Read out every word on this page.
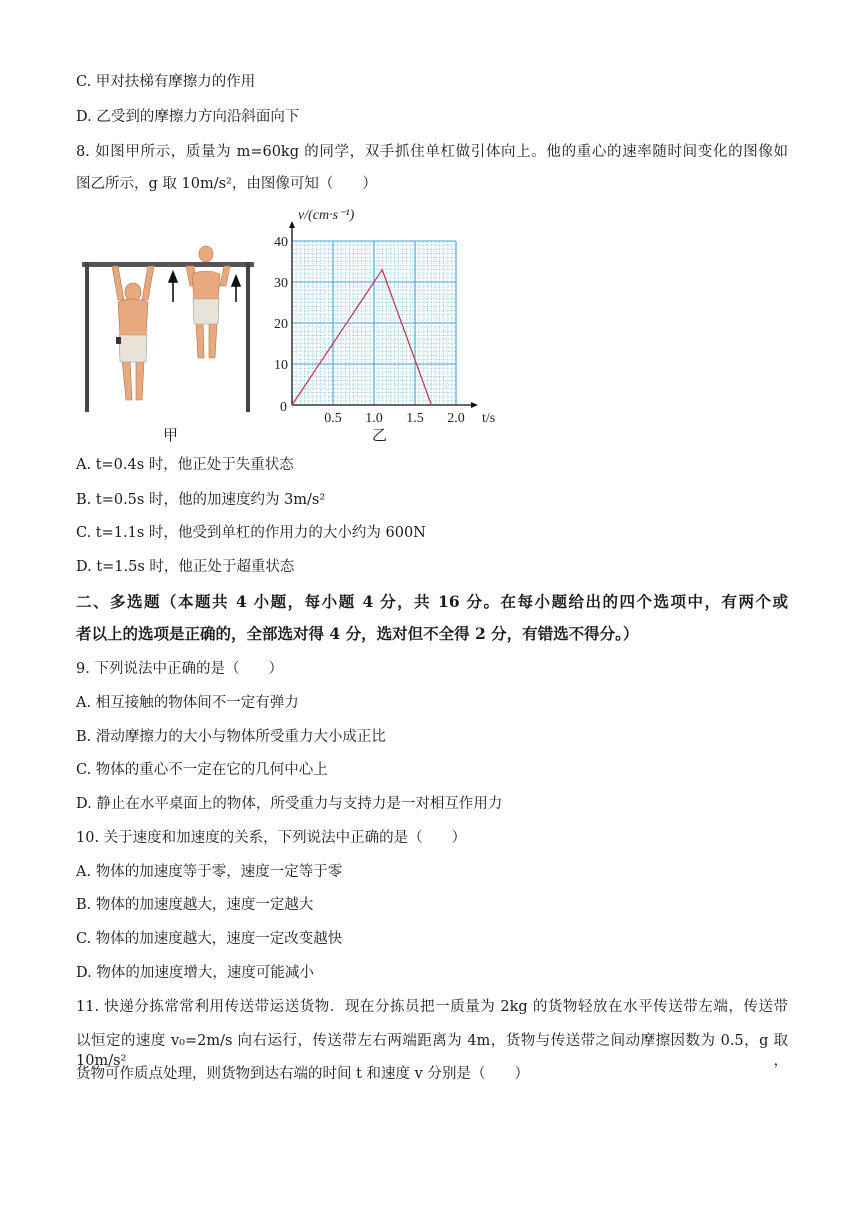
C. 甲对扶梯有摩擦力的作用
D. 乙受到的摩擦力方向沿斜面向下
8. 如图甲所示，质量为 m=60kg 的同学，双手抓住单杠做引体向上。他的重心的速率随时间变化的图像如
图乙所示，g 取 10m/s²，由图像可知（　　）
甲
0.5 1.0 1.5 2.0
10
20
30
40
v/(cm·s⁻¹)
t/s
0
乙
A. t=0.4s 时，他正处于失重状态
B. t=0.5s 时，他的加速度约为 3m/s²
C. t=1.1s 时，他受到单杠的作用力的大小约为 600N
D. t=1.5s 时，他正处于超重状态
二、多选题（本题共 4 小题，每小题 4 分，共 16 分。在每小题给出的四个选项中，有两个或
者以上的选项是正确的，全部选对得 4 分，选对但不全得 2 分，有错选不得分。）
9. 下列说法中正确的是（　　）
A. 相互接触的物体间不一定有弹力
B. 滑动摩擦力的大小与物体所受重力大小成正比
C. 物体的重心不一定在它的几何中心上
D. 静止在水平桌面上的物体，所受重力与支持力是一对相互作用力
10. 关于速度和加速度的关系，下列说法中正确的是（　　）
A. 物体的加速度等于零，速度一定等于零
B. 物体的加速度越大，速度一定越大
C. 物体的加速度越大，速度一定改变越快
D. 物体的加速度增大，速度可能减小
11. 快递分拣常常利用传送带运送货物．现在分拣员把一质量为 2kg 的货物轻放在水平传送带左端，传送带
以恒定的速度 v₀=2m/s 向右运行，传送带左右两端距离为 4m，货物与传送带之间动摩擦因数为 0.5，g 取 10m/s²，
货物可作质点处理，则货物到达右端的时间 t 和速度 v 分别是（　　）
